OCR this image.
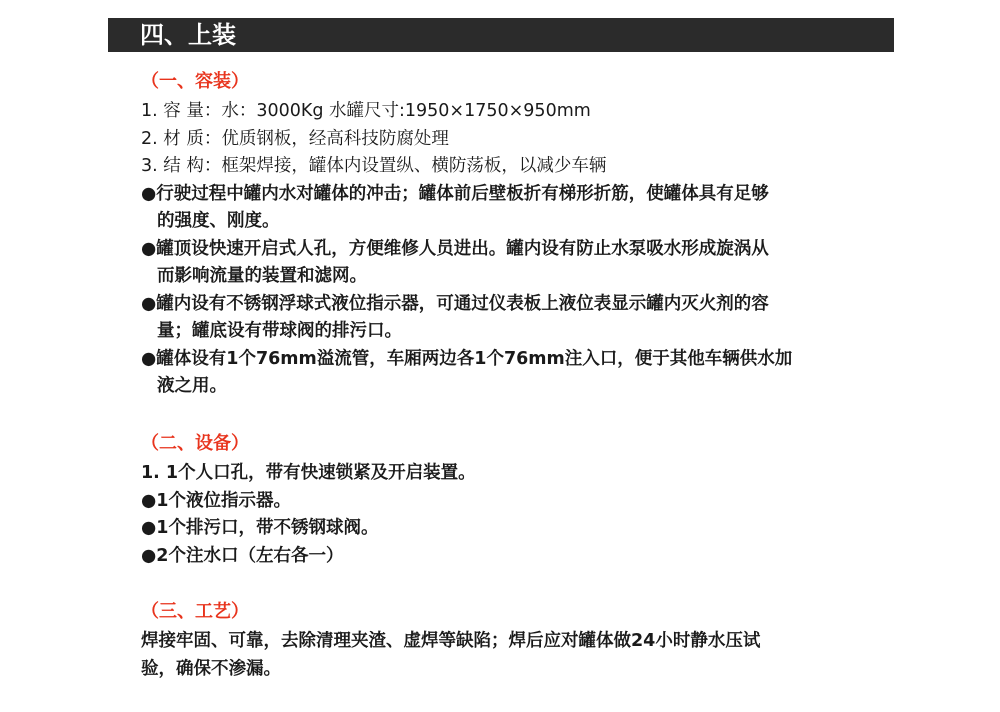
四、上装
（一、容装）
1. 容 量：水：3000Kg 水罐尺寸:1950×1750×950mm
2. 材 质：优质钢板，经高科技防腐处理
3. 结 构：框架焊接，罐体内设置纵、横防荡板，以减少车辆
●行驶过程中罐内水对罐体的冲击；罐体前后壁板折有梯形折筋，使罐体具有足够
的强度、刚度。
●罐顶设快速开启式人孔，方便维修人员进出。罐内设有防止水泵吸水形成旋涡从
而影响流量的装置和滤网。
●罐内设有不锈钢浮球式液位指示器，可通过仪表板上液位表显示罐内灭火剂的容
量；罐底设有带球阀的排污口。
●罐体设有1个76mm溢流管，车厢两边各1个76mm注入口，便于其他车辆供水加
液之用。
（二、设备）
1. 1个人口孔，带有快速锁紧及开启装置。
●1个液位指示器。
●1个排污口，带不锈钢球阀。
●2个注水口（左右各一）
（三、工艺）
焊接牢固、可靠，去除清理夹渣、虚焊等缺陷；焊后应对罐体做24小时静水压试
验，确保不渗漏。
